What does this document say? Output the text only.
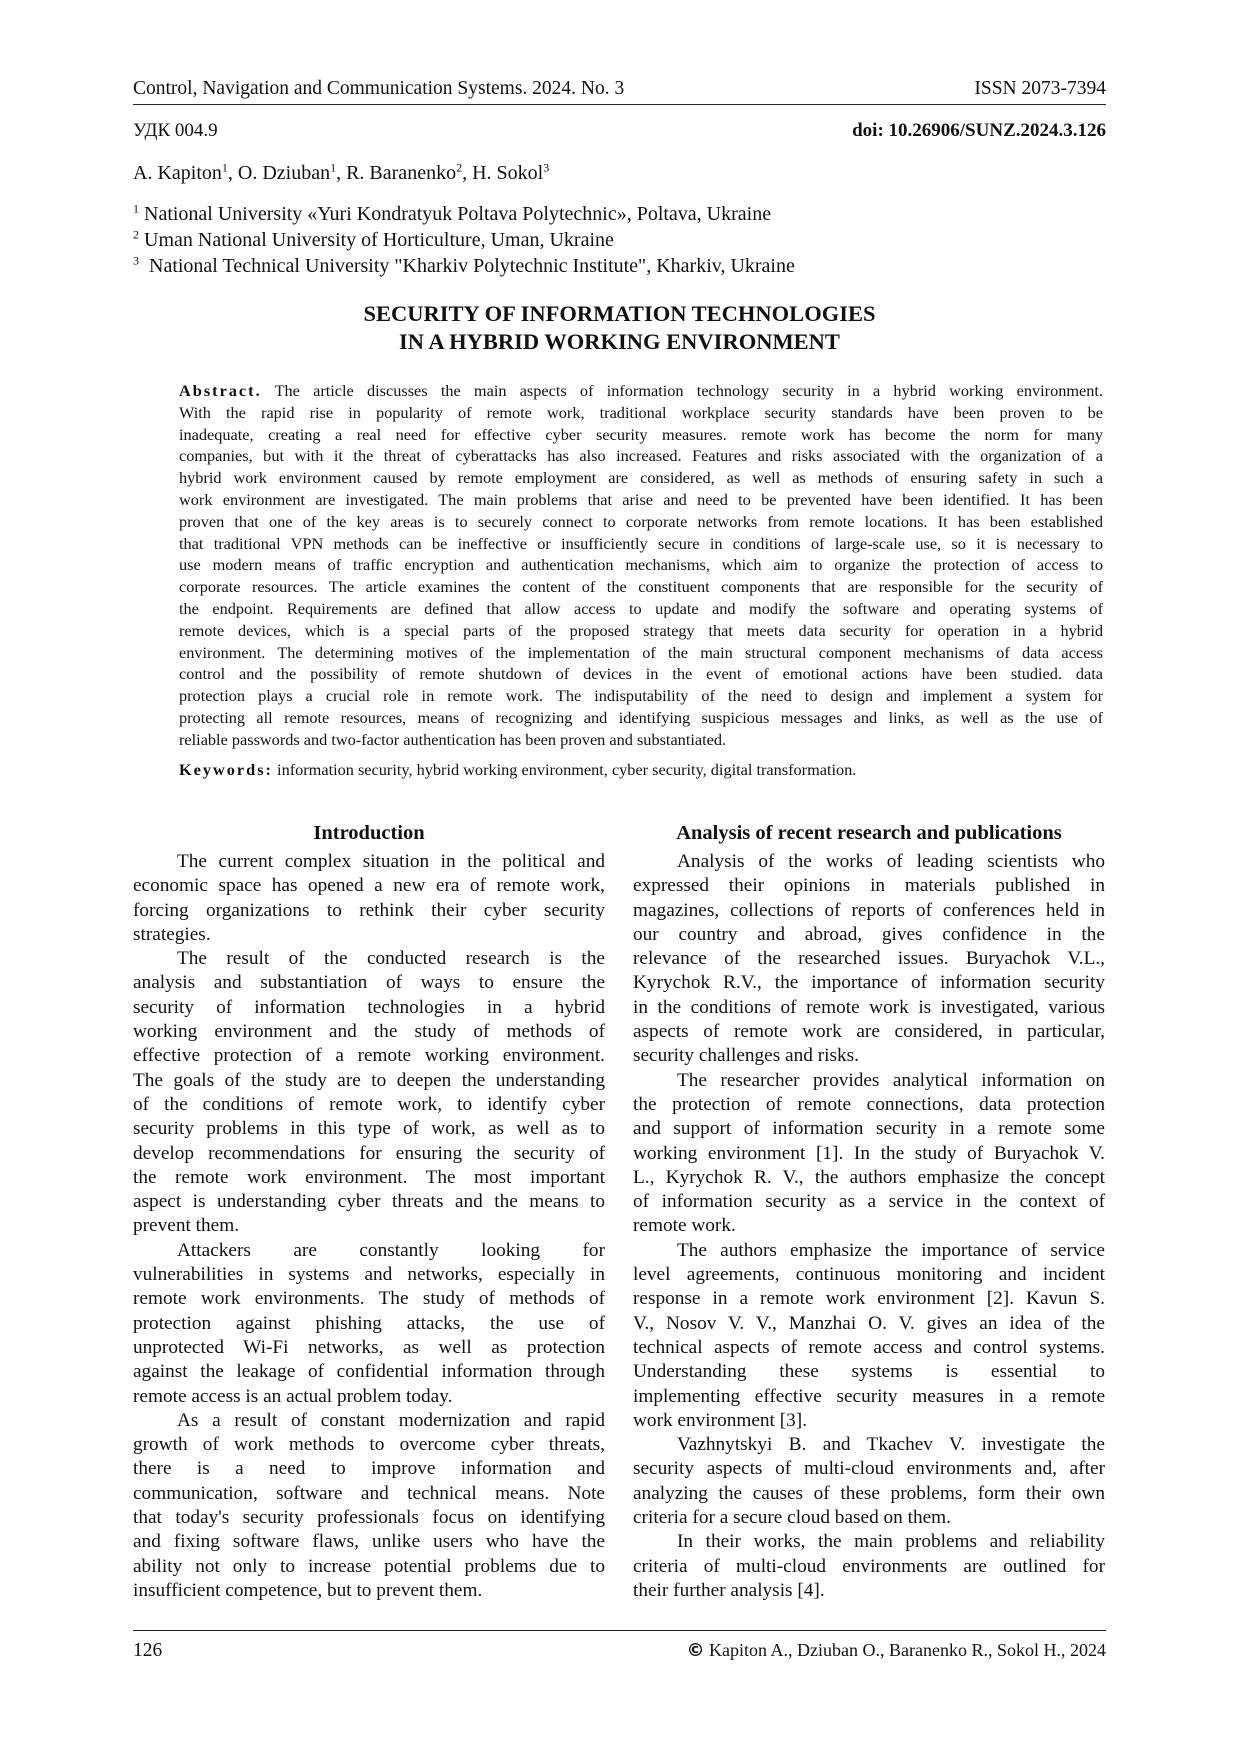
Control, Navigation and Communication Systems. 2024. No. 3	ISSN 2073-7394
УДК 004.9	doi: 10.26906/SUNZ.2024.3.126
A. Kapiton$^1$, O. Dziuban$^1$, R. Baranenko$^2$, H. Sokol$^3$
$^1$ National University «Yuri Kondratyuk Poltava Polytechnic», Poltava, Ukraine
$^2$ Uman National University of Horticulture, Uman, Ukraine
$^3$  National Technical University "Kharkiv Polytechnic Institute", Kharkiv, Ukraine
SECURITY OF INFORMATION TECHNOLOGIES
IN A HYBRID WORKING ENVIRONMENT
Abstract. The article discusses the main aspects of information technology security in a hybrid working environment.
With the rapid rise in popularity of remote work, traditional workplace security standards have been proven to be
inadequate, creating a real need for effective cyber security measures. remote work has become the norm for many
companies, but with it the threat of cyberattacks has also increased. Features and risks associated with the organization of a
hybrid work environment caused by remote employment are considered, as well as methods of ensuring safety in such a
work environment are investigated. The main problems that arise and need to be prevented have been identified. It has been
proven that one of the key areas is to securely connect to corporate networks from remote locations. It has been established
that traditional VPN methods can be ineffective or insufficiently secure in conditions of large-scale use, so it is necessary to
use modern means of traffic encryption and authentication mechanisms, which aim to organize the protection of access to
corporate resources. The article examines the content of the constituent components that are responsible for the security of
the endpoint. Requirements are defined that allow access to update and modify the software and operating systems of
remote devices, which is a special parts of the proposed strategy that meets data security for operation in a hybrid
environment. The determining motives of the implementation of the main structural component mechanisms of data access
control and the possibility of remote shutdown of devices in the event of emotional actions have been studied. data
protection plays a crucial role in remote work. The indisputability of the need to design and implement a system for
protecting all remote resources, means of recognizing and identifying suspicious messages and links, as well as the use of
reliable passwords and two-factor authentication has been proven and substantiated.
Keywords: information security, hybrid working environment, cyber security, digital transformation.
Introduction	Analysis of recent research and publications
The current complex situation in the political and
economic space has opened a new era of remote work,
forcing organizations to rethink their cyber security
strategies.
The result of the conducted research is the
analysis and substantiation of ways to ensure the
security of information technologies in a hybrid
working environment and the study of methods of
effective protection of a remote working environment.
The goals of the study are to deepen the understanding
of the conditions of remote work, to identify cyber
security problems in this type of work, as well as to
develop recommendations for ensuring the security of
the remote work environment. The most important
aspect is understanding cyber threats and the means to
prevent them.
Attackers are constantly looking for
vulnerabilities in systems and networks, especially in
remote work environments. The study of methods of
protection against phishing attacks, the use of
unprotected Wi-Fi networks, as well as protection
against the leakage of confidential information through
remote access is an actual problem today.
As a result of constant modernization and rapid
growth of work methods to overcome cyber threats,
there is a need to improve information and
communication, software and technical means. Note
that today's security professionals focus on identifying
and fixing software flaws, unlike users who have the
ability not only to increase potential problems due to
insufficient competence, but to prevent them.
Analysis of the works of leading scientists who
expressed their opinions in materials published in
magazines, collections of reports of conferences held in
our country and abroad, gives confidence in the
relevance of the researched issues. Buryachok V.L.,
Kyrychok R.V., the importance of information security
in the conditions of remote work is investigated, various
aspects of remote work are considered, in particular,
security challenges and risks.
The researcher provides analytical information on
the protection of remote connections, data protection
and support of information security in a remote some
working environment [1]. In the study of Buryachok V.
L., Kyrychok R. V., the authors emphasize the concept
of information security as a service in the context of
remote work.
The authors emphasize the importance of service
level agreements, continuous monitoring and incident
response in a remote work environment [2]. Kavun S.
V., Nosov V. V., Manzhai O. V. gives an idea of the
technical aspects of remote access and control systems.
Understanding these systems is essential to
implementing effective security measures in a remote
work environment [3].
Vazhnytskyi B. and Tkachev V. investigate the
security aspects of multi-cloud environments and, after
analyzing the causes of these problems, form their own
criteria for a secure cloud based on them.
In their works, the main problems and reliability
criteria of multi-cloud environments are outlined for
their further analysis [4].
126	© Kapiton A., Dziuban O., Baranenko R., Sokol H., 2024
